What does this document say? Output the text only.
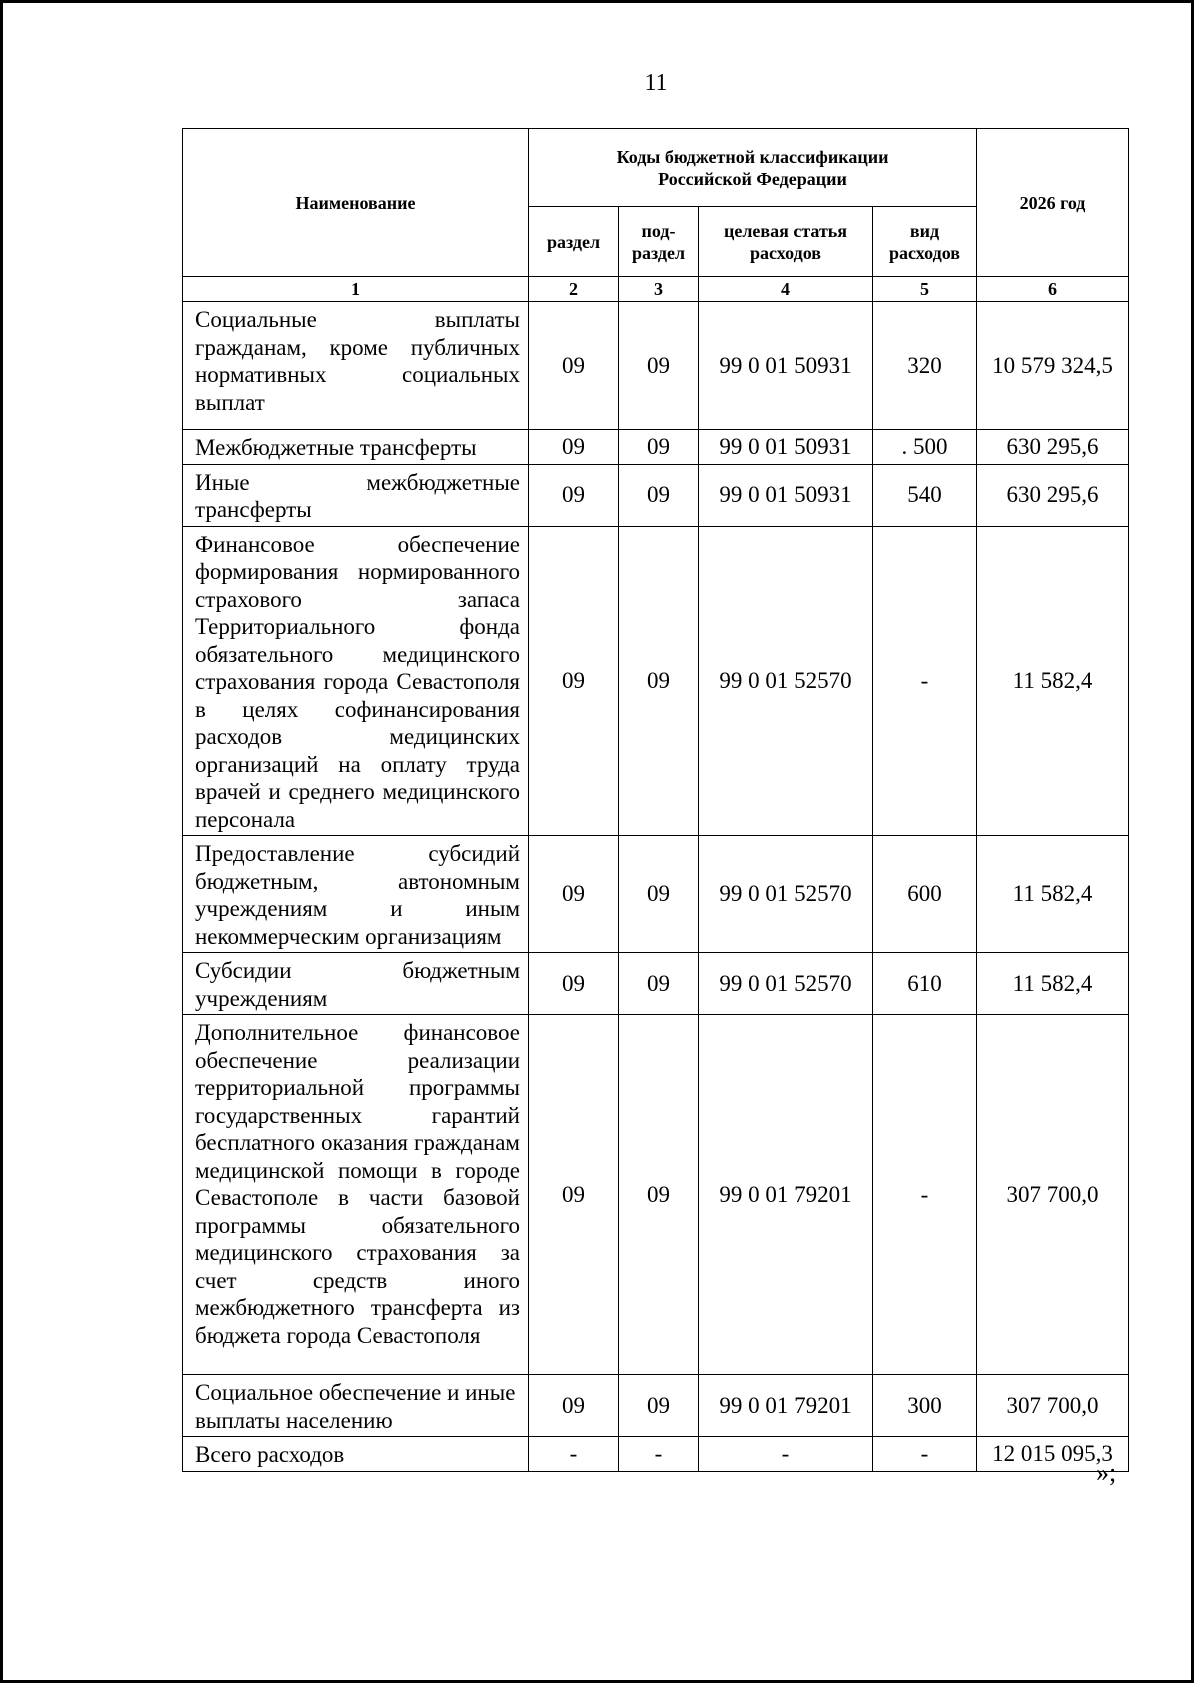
11
Наименование	Коды бюджетной классификации Российской Федерации				2026 год
	раздел	под-раздел	целевая статья расходов	вид расходов	
1	2	3	4	5	6
Социальные выплаты гражданам, кроме публичных нормативных социальных выплат	09	09	99 0 01 50931	320	10 579 324,5
Межбюджетные трансферты	09	09	99 0 01 50931	. 500	630 295,6
Иные межбюджетные трансферты	09	09	99 0 01 50931	540	630 295,6
Финансовое обеспечение формирования нормированного страхового запаса Территориального фонда обязательного медицинского страхования города Севастополя в целях софинансирования расходов медицинских организаций на оплату труда врачей и среднего медицинского персонала	09	09	99 0 01 52570	-	11 582,4
Предоставление субсидий бюджетным, автономным учреждениям и иным некоммерческим организациям	09	09	99 0 01 52570	600	11 582,4
Субсидии бюджетным учреждениям	09	09	99 0 01 52570	610	11 582,4
Дополнительное финансовое обеспечение реализации территориальной программы государственных гарантий бесплатного оказания гражданам медицинской помощи в городе Севастополе в части базовой программы обязательного медицинского страхования за счет средств иного межбюджетного трансферта из бюджета города Севастополя	09	09	99 0 01 79201	-	307 700,0
Социальное обеспечение и иные выплаты населению	09	09	99 0 01 79201	300	307 700,0
Всего расходов	-	-	-	-	12 015 095,3
»;
